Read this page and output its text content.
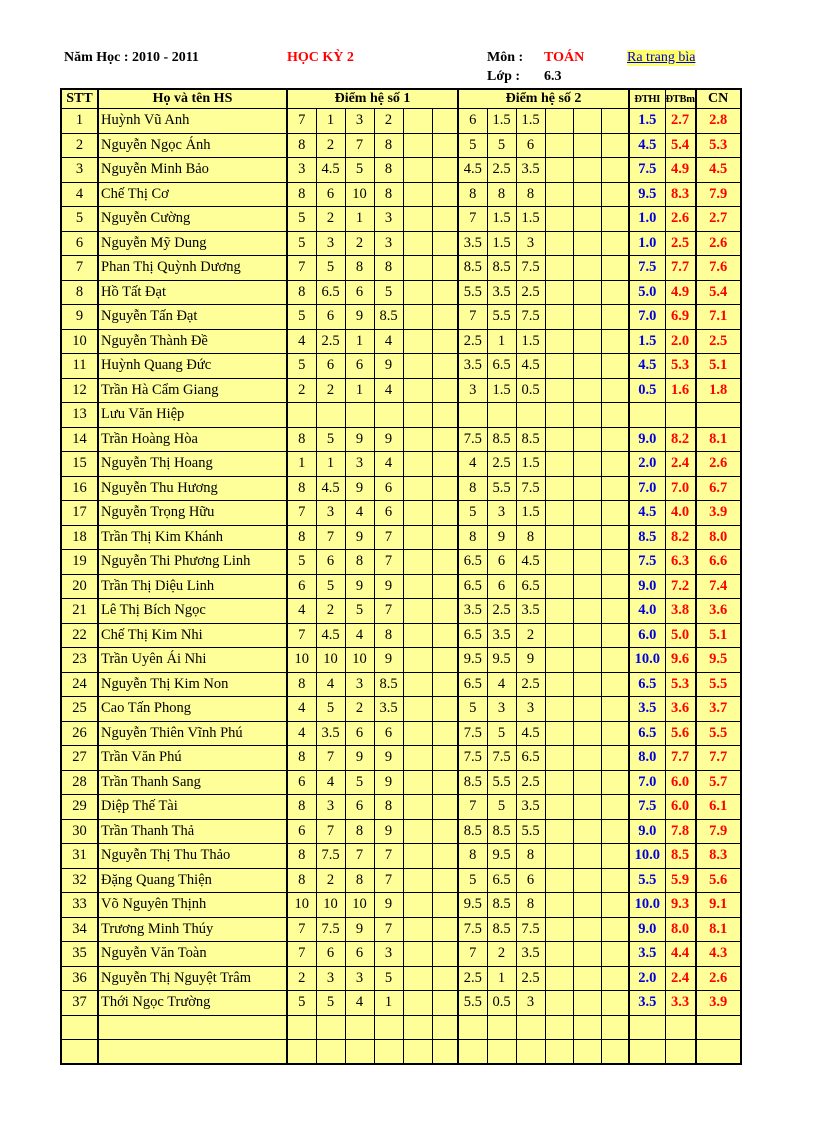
Năm Học : 2010 - 2011	HỌC KỲ 2	Môn : TOÁN	Ra trang bìa
Lớp : 6.3
STT	Họ và tên HS	Điểm hệ số 1						Điểm hệ số 2						ĐTHI	ĐTBm	CN
1	Huỳnh Vũ Anh	7	1	3	2			6	1.5	1.5				1.5	2.7	2.8
2	Nguyễn Ngọc Ánh	8	2	7	8			5	5	6				4.5	5.4	5.3
3	Nguyễn Minh Bảo	3	4.5	5	8			4.5	2.5	3.5				7.5	4.9	4.5
4	Chế Thị Cơ	8	6	10	8			8	8	8				9.5	8.3	7.9
5	Nguyễn Cường	5	2	1	3			7	1.5	1.5				1.0	2.6	2.7
6	Nguyễn Mỹ Dung	5	3	2	3			3.5	1.5	3				1.0	2.5	2.6
7	Phan Thị Quỳnh Dương	7	5	8	8			8.5	8.5	7.5				7.5	7.7	7.6
8	Hồ Tất Đạt	8	6.5	6	5			5.5	3.5	2.5				5.0	4.9	5.4
9	Nguyễn Tấn Đạt	5	6	9	8.5			7	5.5	7.5				7.0	6.9	7.1
10	Nguyễn Thành Đề	4	2.5	1	4			2.5	1	1.5				1.5	2.0	2.5
11	Huỳnh Quang Đức	5	6	6	9			3.5	6.5	4.5				4.5	5.3	5.1
12	Trần Hà Cẩm Giang	2	2	1	4			3	1.5	0.5				0.5	1.6	1.8
13	Lưu Văn Hiệp															
14	Trần Hoàng Hòa	8	5	9	9			7.5	8.5	8.5				9.0	8.2	8.1
15	Nguyễn Thị Hoang	1	1	3	4			4	2.5	1.5				2.0	2.4	2.6
16	Nguyễn Thu Hương	8	4.5	9	6			8	5.5	7.5				7.0	7.0	6.7
17	Nguyễn Trọng Hữu	7	3	4	6			5	3	1.5				4.5	4.0	3.9
18	Trần Thị Kim Khánh	8	7	9	7			8	9	8				8.5	8.2	8.0
19	Nguyễn Thi Phương Linh	5	6	8	7			6.5	6	4.5				7.5	6.3	6.6
20	Trần Thị Diệu Linh	6	5	9	9			6.5	6	6.5				9.0	7.2	7.4
21	Lê Thị Bích Ngọc	4	2	5	7			3.5	2.5	3.5				4.0	3.8	3.6
22	Chế Thị Kim Nhi	7	4.5	4	8			6.5	3.5	2				6.0	5.0	5.1
23	Trần Uyên Ái Nhi	10	10	10	9			9.5	9.5	9				10.0	9.6	9.5
24	Nguyễn Thị Kim Non	8	4	3	8.5			6.5	4	2.5				6.5	5.3	5.5
25	Cao Tấn Phong	4	5	2	3.5			5	3	3				3.5	3.6	3.7
26	Nguyễn Thiên Vĩnh Phú	4	3.5	6	6			7.5	5	4.5				6.5	5.6	5.5
27	Trần Văn Phú	8	7	9	9			7.5	7.5	6.5				8.0	7.7	7.7
28	Trần Thanh Sang	6	4	5	9			8.5	5.5	2.5				7.0	6.0	5.7
29	Diệp Thế Tài	8	3	6	8			7	5	3.5				7.5	6.0	6.1
30	Trần Thanh Thả	6	7	8	9			8.5	8.5	5.5				9.0	7.8	7.9
31	Nguyễn Thị Thu Thảo	8	7.5	7	7			8	9.5	8				10.0	8.5	8.3
32	Đặng Quang Thiện	8	2	8	7			5	6.5	6				5.5	5.9	5.6
33	Võ Nguyên Thịnh	10	10	10	9			9.5	8.5	8				10.0	9.3	9.1
34	Trương Minh Thúy	7	7.5	9	7			7.5	8.5	7.5				9.0	8.0	8.1
35	Nguyễn Văn Toàn	7	6	6	3			7	2	3.5				3.5	4.4	4.3
36	Nguyễn Thị Nguyệt Trâm	2	3	3	5			2.5	1	2.5				2.0	2.4	2.6
37	Thới Ngọc Trường	5	5	4	1			5.5	0.5	3				3.5	3.3	3.9
